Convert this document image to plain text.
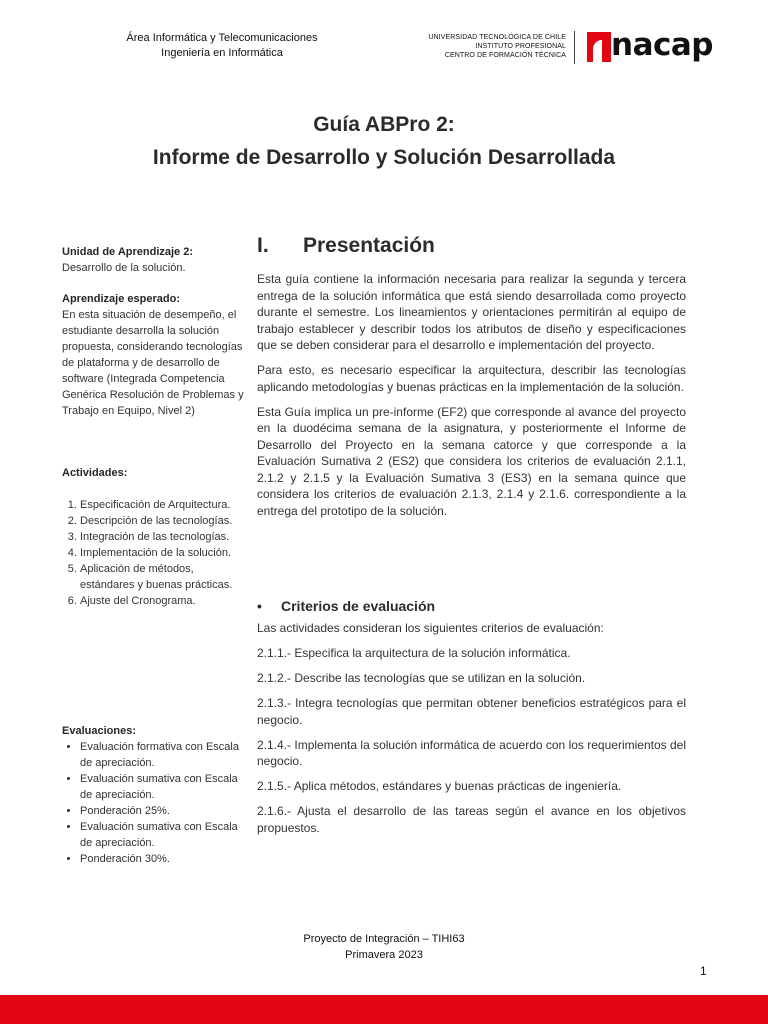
Área Informática y Telecomunicaciones
Ingeniería en Informática
UNIVERSIDAD TECNOLÓGICA DE CHILE
INSTITUTO PROFESIONAL
CENTRO DE FORMACIÓN TÉCNICA nacap
Guía ABPro 2:
Informe de Desarrollo y Solución Desarrollada
Unidad de Aprendizaje 2:
Desarrollo de la solución.
Aprendizaje esperado:
En esta situación de desempeño, el estudiante desarrolla la solución propuesta, considerando tecnologías de plataforma y de desarrollo de software (Integrada Competencia Genérica Resolución de Problemas y Trabajo en Equipo, Nivel 2)
Actividades:
1. Especificación de Arquitectura.
2. Descripción de las tecnologías.
3. Integración de las tecnologías.
4. Implementación de la solución.
5. Aplicación de métodos, estándares y buenas prácticas.
6. Ajuste del Cronograma.
Evaluaciones:
• Evaluación formativa con Escala de apreciación.
• Evaluación sumativa con Escala de apreciación.
• Ponderación 25%.
• Evaluación sumativa con Escala de apreciación.
• Ponderación 30%.
I. Presentación

Esta guía contiene la información necesaria para realizar la segunda y tercera entrega de la solución informática que está siendo desarrollada como proyecto durante el semestre. Los lineamientos y orientaciones permitirán al equipo de trabajo establecer y describir todos los atributos de diseño y especificaciones que se deben considerar para el desarrollo e implementación del proyecto.

Para esto, es necesario especificar la arquitectura, describir las tecnologías aplicando metodologías y buenas prácticas en la implementación de la solución.

Esta Guía implica un pre-informe (EF2) que corresponde al avance del proyecto en la duodécima semana de la asignatura, y posteriormente el Informe de Desarrollo del Proyecto en la semana catorce y que corresponde a la Evaluación Sumativa 2 (ES2) que considera los criterios de evaluación 2.1.1, 2.1.2 y 2.1.5 y la Evaluación Sumativa 3 (ES3) en la semana quince que considera los criterios de evaluación 2.1.3, 2.1.4 y 2.1.6. correspondiente a la entrega del prototipo de la solución.

• Criterios de evaluación

Las actividades consideran los siguientes criterios de evaluación:

2.1.1.- Especifica la arquitectura de la solución informática.

2.1.2.- Describe las tecnologías que se utilizan en la solución.

2.1.3.- Integra tecnologías que permitan obtener beneficios estratégicos para el negocio.

2.1.4.- Implementa la solución informática de acuerdo con los requerimientos del negocio.

2.1.5.- Aplica métodos, estándares y buenas prácticas de ingeniería.

2.1.6.- Ajusta el desarrollo de las tareas según el avance en los objetivos propuestos.

Proyecto de Integración – TIHI63
Primavera 2023
1
